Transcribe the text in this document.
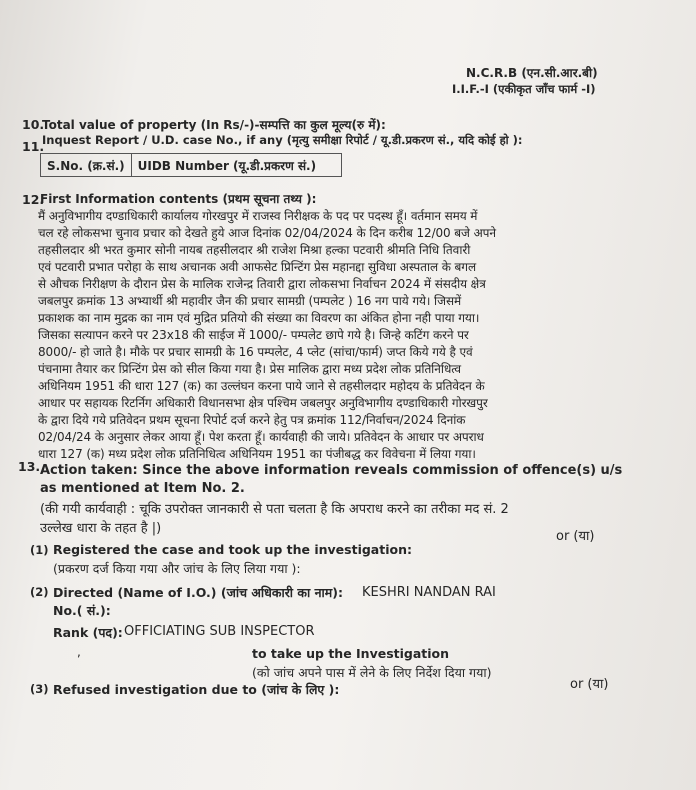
N.C.R.B (एन.सी.आर.बी)
I.I.F.-I (एकीकृत जाँच फार्म -I)
10.
Total value of property (In Rs/-)-सम्पत्ति का कुल मूल्य(रु में):
11.
Inquest Report / U.D. case No., if any (मृत्यु समीक्षा रिपोर्ट / यू.डी.प्रकरण सं., यदि कोई हो ):
S.No. (क्र.सं.)	UIDB Number (यू.डी.प्रकरण सं.)
12.
First Information contents (प्रथम सूचना तथ्य ):
मैं अनुविभागीय दण्डाधिकारी कार्यालय गोरखपुर में राजस्व निरीक्षक के पद पर पदस्थ हूँ। वर्तमान समय में
चल रहे लोकसभा चुनाव प्रचार को देखते हुये आज दिनांक 02/04/2024 के दिन करीब 12/00 बजे अपने
तहसीलदार श्री भरत कुमार सोनी नायब तहसीलदार श्री राजेश मिश्रा हल्का पटवारी श्रीमति निधि तिवारी
एवं पटवारी प्रभात परोहा के साथ अचानक अवी आफसेट प्रिन्टिंग प्रेस महानद्दा सुविधा अस्पताल के बगल
से औचक निरीक्षण के दौरान प्रेस के मालिक राजेन्द्र तिवारी द्वारा लोकसभा निर्वाचन 2024 में संसदीय क्षेत्र
जबलपुर क्रमांक 13 अभ्यार्थी श्री महावीर जैन की प्रचार सामग्री (पम्पलेट ) 16 नग पाये गये। जिसमें
प्रकाशक का नाम मुद्रक का नाम एवं मुद्रित प्रतियो की संख्या का विवरण का अंकित होना नही पाया गया।
जिसका सत्यापन करने पर 23x18 की साईज में 1000/- पम्पलेट छापे गये है। जिन्हे कटिंग करने पर
8000/- हो जाते है। मौके पर प्रचार सामग्री के 16 पम्पलेट, 4 प्लेट (सांचा/फार्म) जप्त किये गये है एवं
पंचनामा तैयार कर प्रिन्टिंग प्रेस को सील किया गया है। प्रेस मालिक द्वारा मध्य प्रदेश लोक प्रतिनिधित्व
अधिनियम 1951 की धारा 127 (क) का उल्लंघन करना पाये जाने से तहसीलदार महोदय के प्रतिवेदन के
आधार पर सहायक रिटर्निग अधिकारी विधानसभा क्षेत्र पश्चिम जबलपुर अनुविभागीय दण्डाधिकारी गोरखपुर
के द्वारा दिये गये प्रतिवेदन प्रथम सूचना रिपोर्ट दर्ज करने हेतु पत्र क्रमांक 112/निर्वाचन/2024 दिनांक
02/04/24 के अनुसार लेकर आया हूँ। पेश करता हूँ। कार्यवाही की जाये। प्रतिवेदन के आधार पर अपराध
धारा 127 (क) मध्य प्रदेश लोक प्रतिनिधित्व अधिनियम 1951 का पंजीबद्ध कर विवेचना में लिया गया।
13. Action taken: Since the above information reveals commission of offence(s) u/s
as mentioned at Item No. 2.
(की गयी कार्यवाही : चूकि उपरोक्त जानकारी से पता चलता है कि अपराध करने का तरीका मद सं. 2
उल्लेख धारा के तहत है |)
or (या)
(1) Registered the case and took up the investigation:
(प्रकरण दर्ज किया गया और जांच के लिए लिया गया ):
(2) Directed (Name of I.O.) (जांच अधिकारी का नाम): KESHRI NANDAN RAI
No.( सं.):
Rank (पद): OFFICIATING SUB INSPECTOR
,	to take up the Investigation
(को जांच अपने पास में लेने के लिए निर्देश दिया गया)
or (या)
(3) Refused investigation due to (जांच के लिए ):
